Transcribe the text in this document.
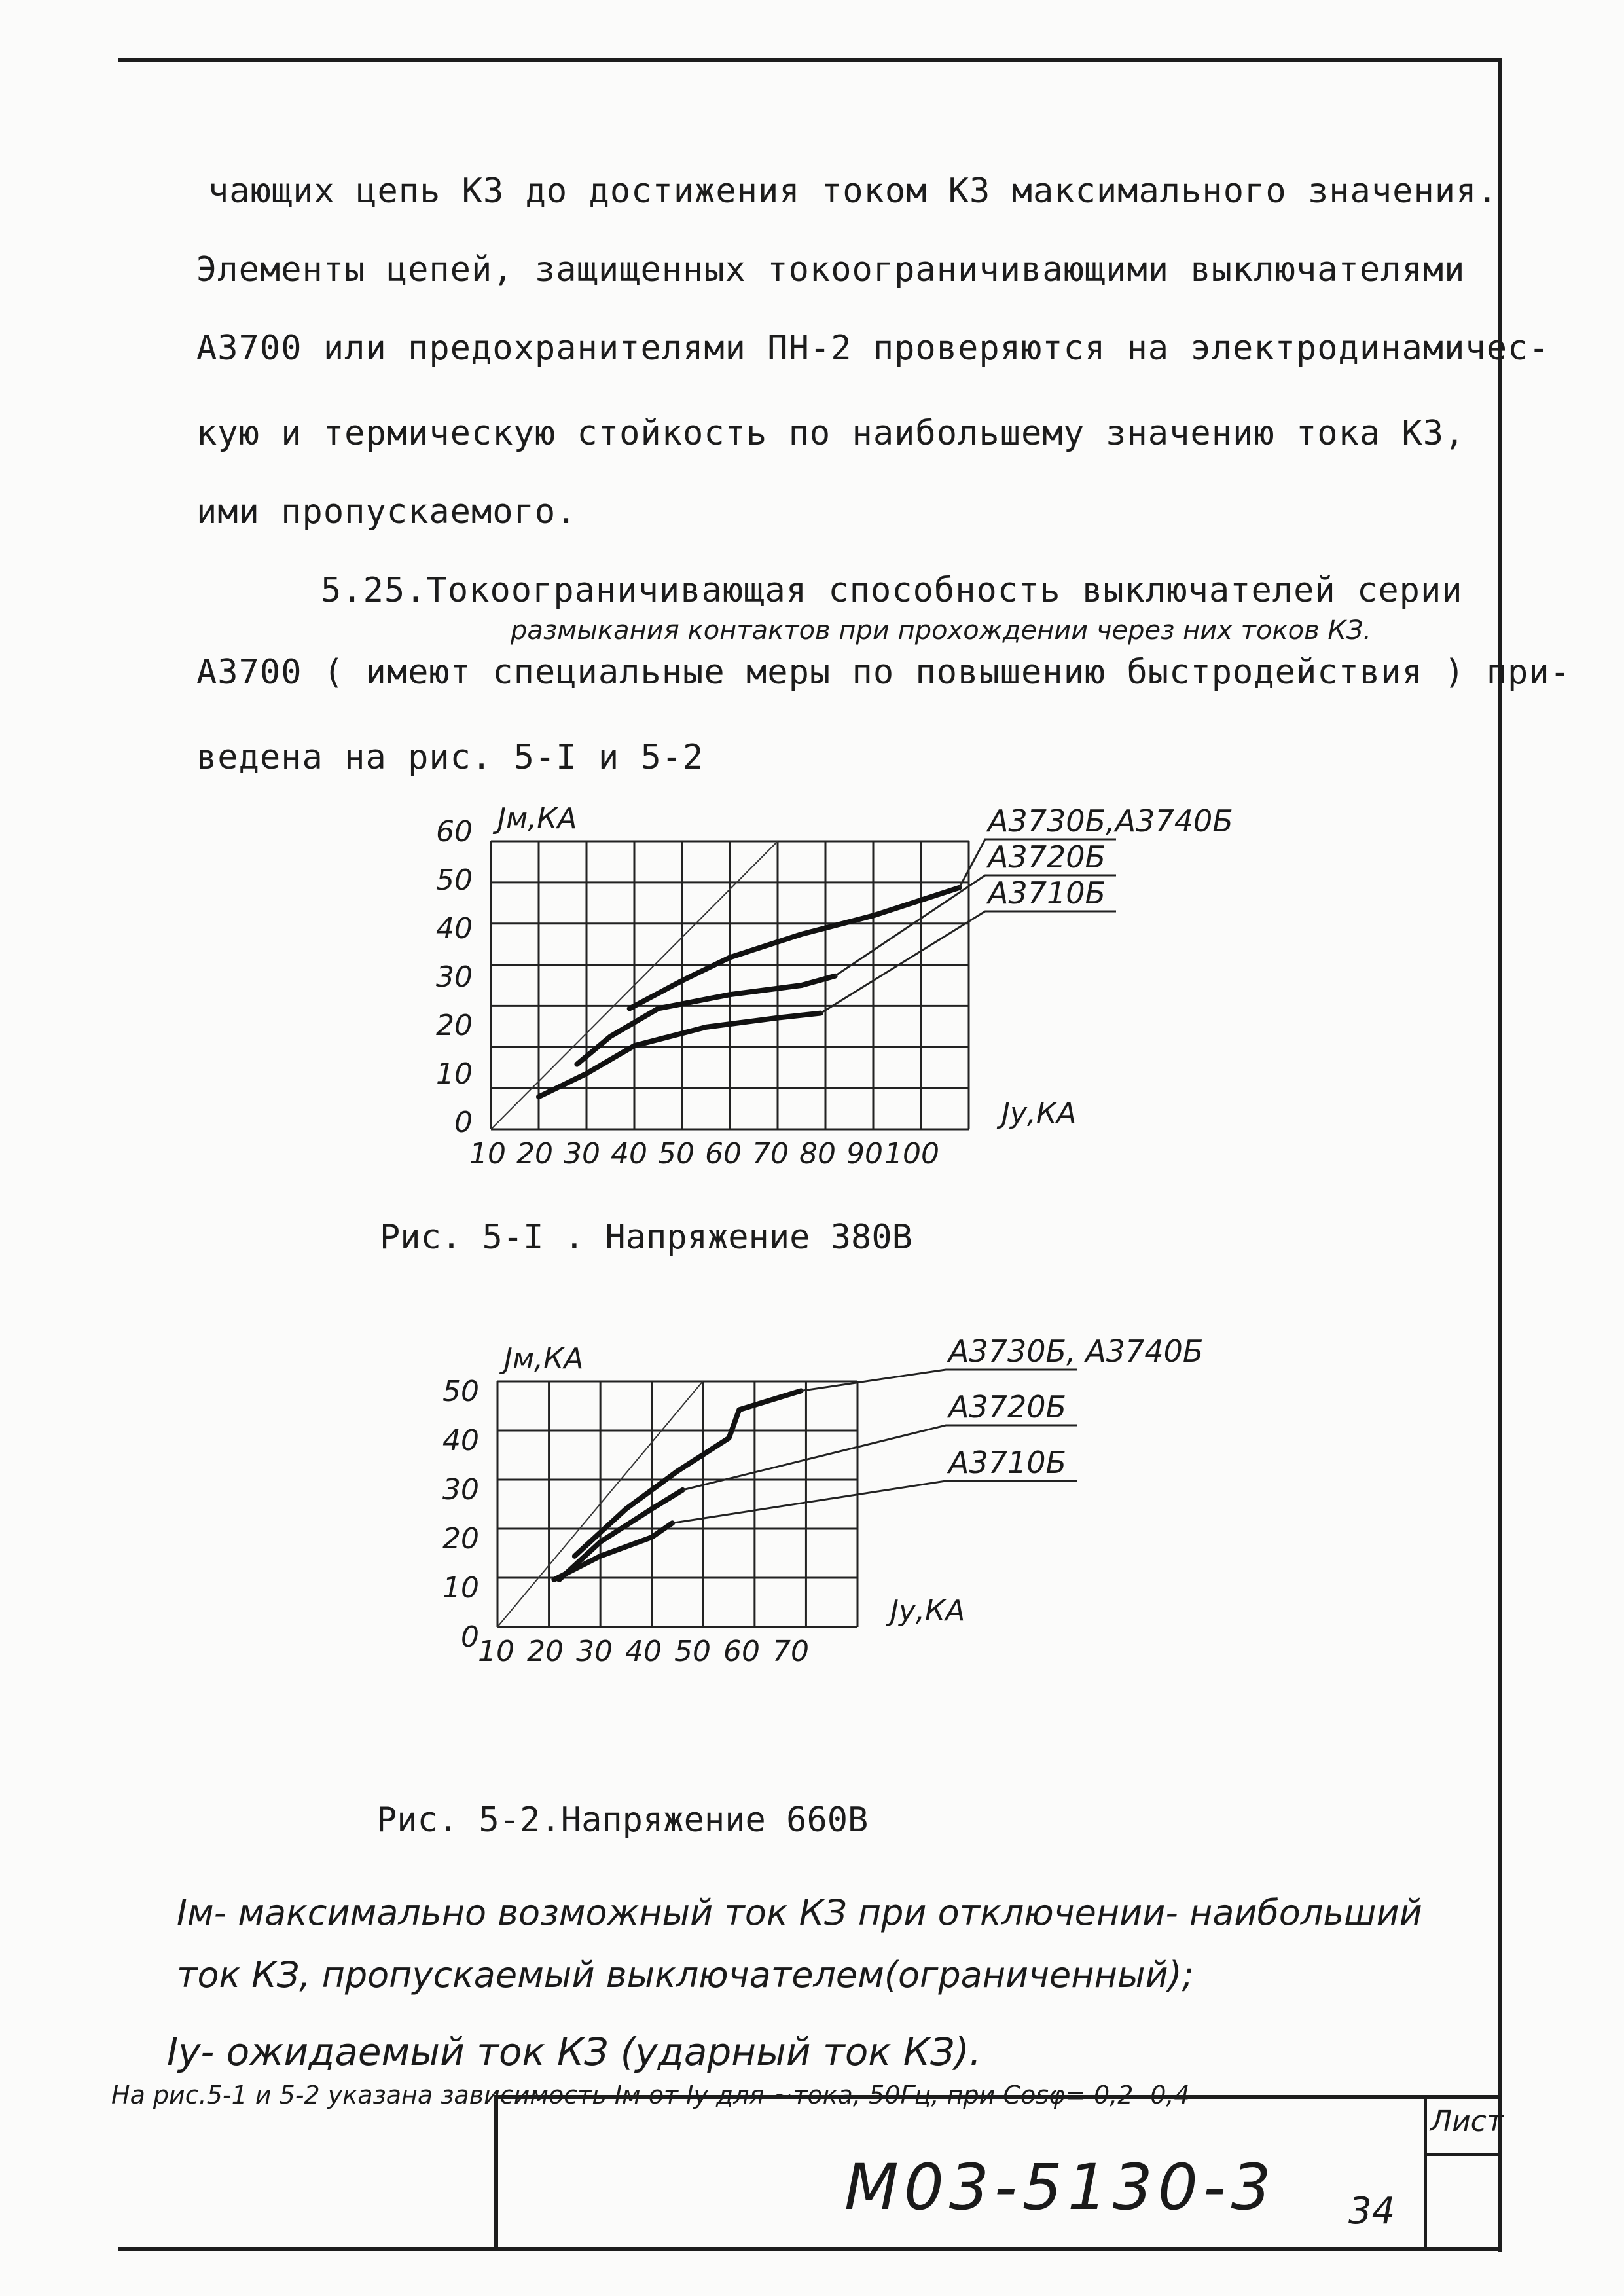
чающих цепь КЗ до достижения током КЗ максимального значения.
Элементы цепей, защищенных токоограничивающими выключателями
А3700 или предохранителями ПН-2 проверяются на электродинамичес-
кую и термическую стойкость по наибольшему значению тока КЗ,
ими пропускаемого.
5.25.Токоограничивающая способность выключателей серии
размыкания контактов при прохождении через них токов КЗ.
А3700 ( имеют специальные меры по повышению быстродействия ) при-
ведена на рис. 5-I и 5-2
60
50
40
30
20
10
0
10 20 30 40 50 60 70 80 90 100
Jм,КА
Jу,КА
А3730Б,А3740Б
А3720Б
А3710Б
Рис. 5-I . Напряжение 380В
50
40
30
20
10
0
10 20 30 40 50 60 70
Jм,КА
Jу,КА
А3730Б, А3740Б
А3720Б
А3710Б
Рис. 5-2.Напряжение 660В
Iм- максимально возможный ток КЗ при отключении- наибольший
ток КЗ, пропускаемый выключателем(ограниченный);
Iу- ожидаемый ток КЗ (ударный ток КЗ).
На рис.5-1 и 5-2 указана зависимость Iм от Iу для ~тока, 50Гц, при Cosφ= 0,2- 0,4
М03-5130-3 34
Лист
